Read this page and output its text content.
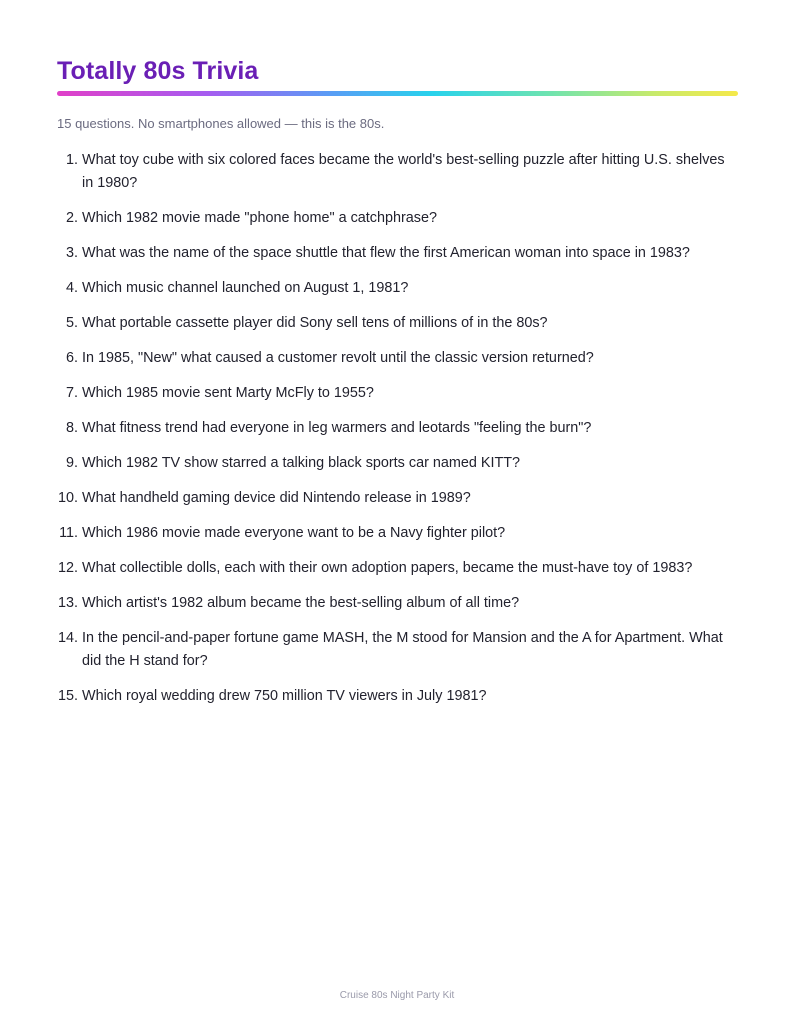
Totally 80s Trivia
15 questions. No smartphones allowed — this is the 80s.
1. What toy cube with six colored faces became the world's best-selling puzzle after hitting U.S. shelves in 1980?
2. Which 1982 movie made "phone home" a catchphrase?
3. What was the name of the space shuttle that flew the first American woman into space in 1983?
4. Which music channel launched on August 1, 1981?
5. What portable cassette player did Sony sell tens of millions of in the 80s?
6. In 1985, "New" what caused a customer revolt until the classic version returned?
7. Which 1985 movie sent Marty McFly to 1955?
8. What fitness trend had everyone in leg warmers and leotards "feeling the burn"?
9. Which 1982 TV show starred a talking black sports car named KITT?
10. What handheld gaming device did Nintendo release in 1989?
11. Which 1986 movie made everyone want to be a Navy fighter pilot?
12. What collectible dolls, each with their own adoption papers, became the must-have toy of 1983?
13. Which artist's 1982 album became the best-selling album of all time?
14. In the pencil-and-paper fortune game MASH, the M stood for Mansion and the A for Apartment. What did the H stand for?
15. Which royal wedding drew 750 million TV viewers in July 1981?
Cruise 80s Night Party Kit
